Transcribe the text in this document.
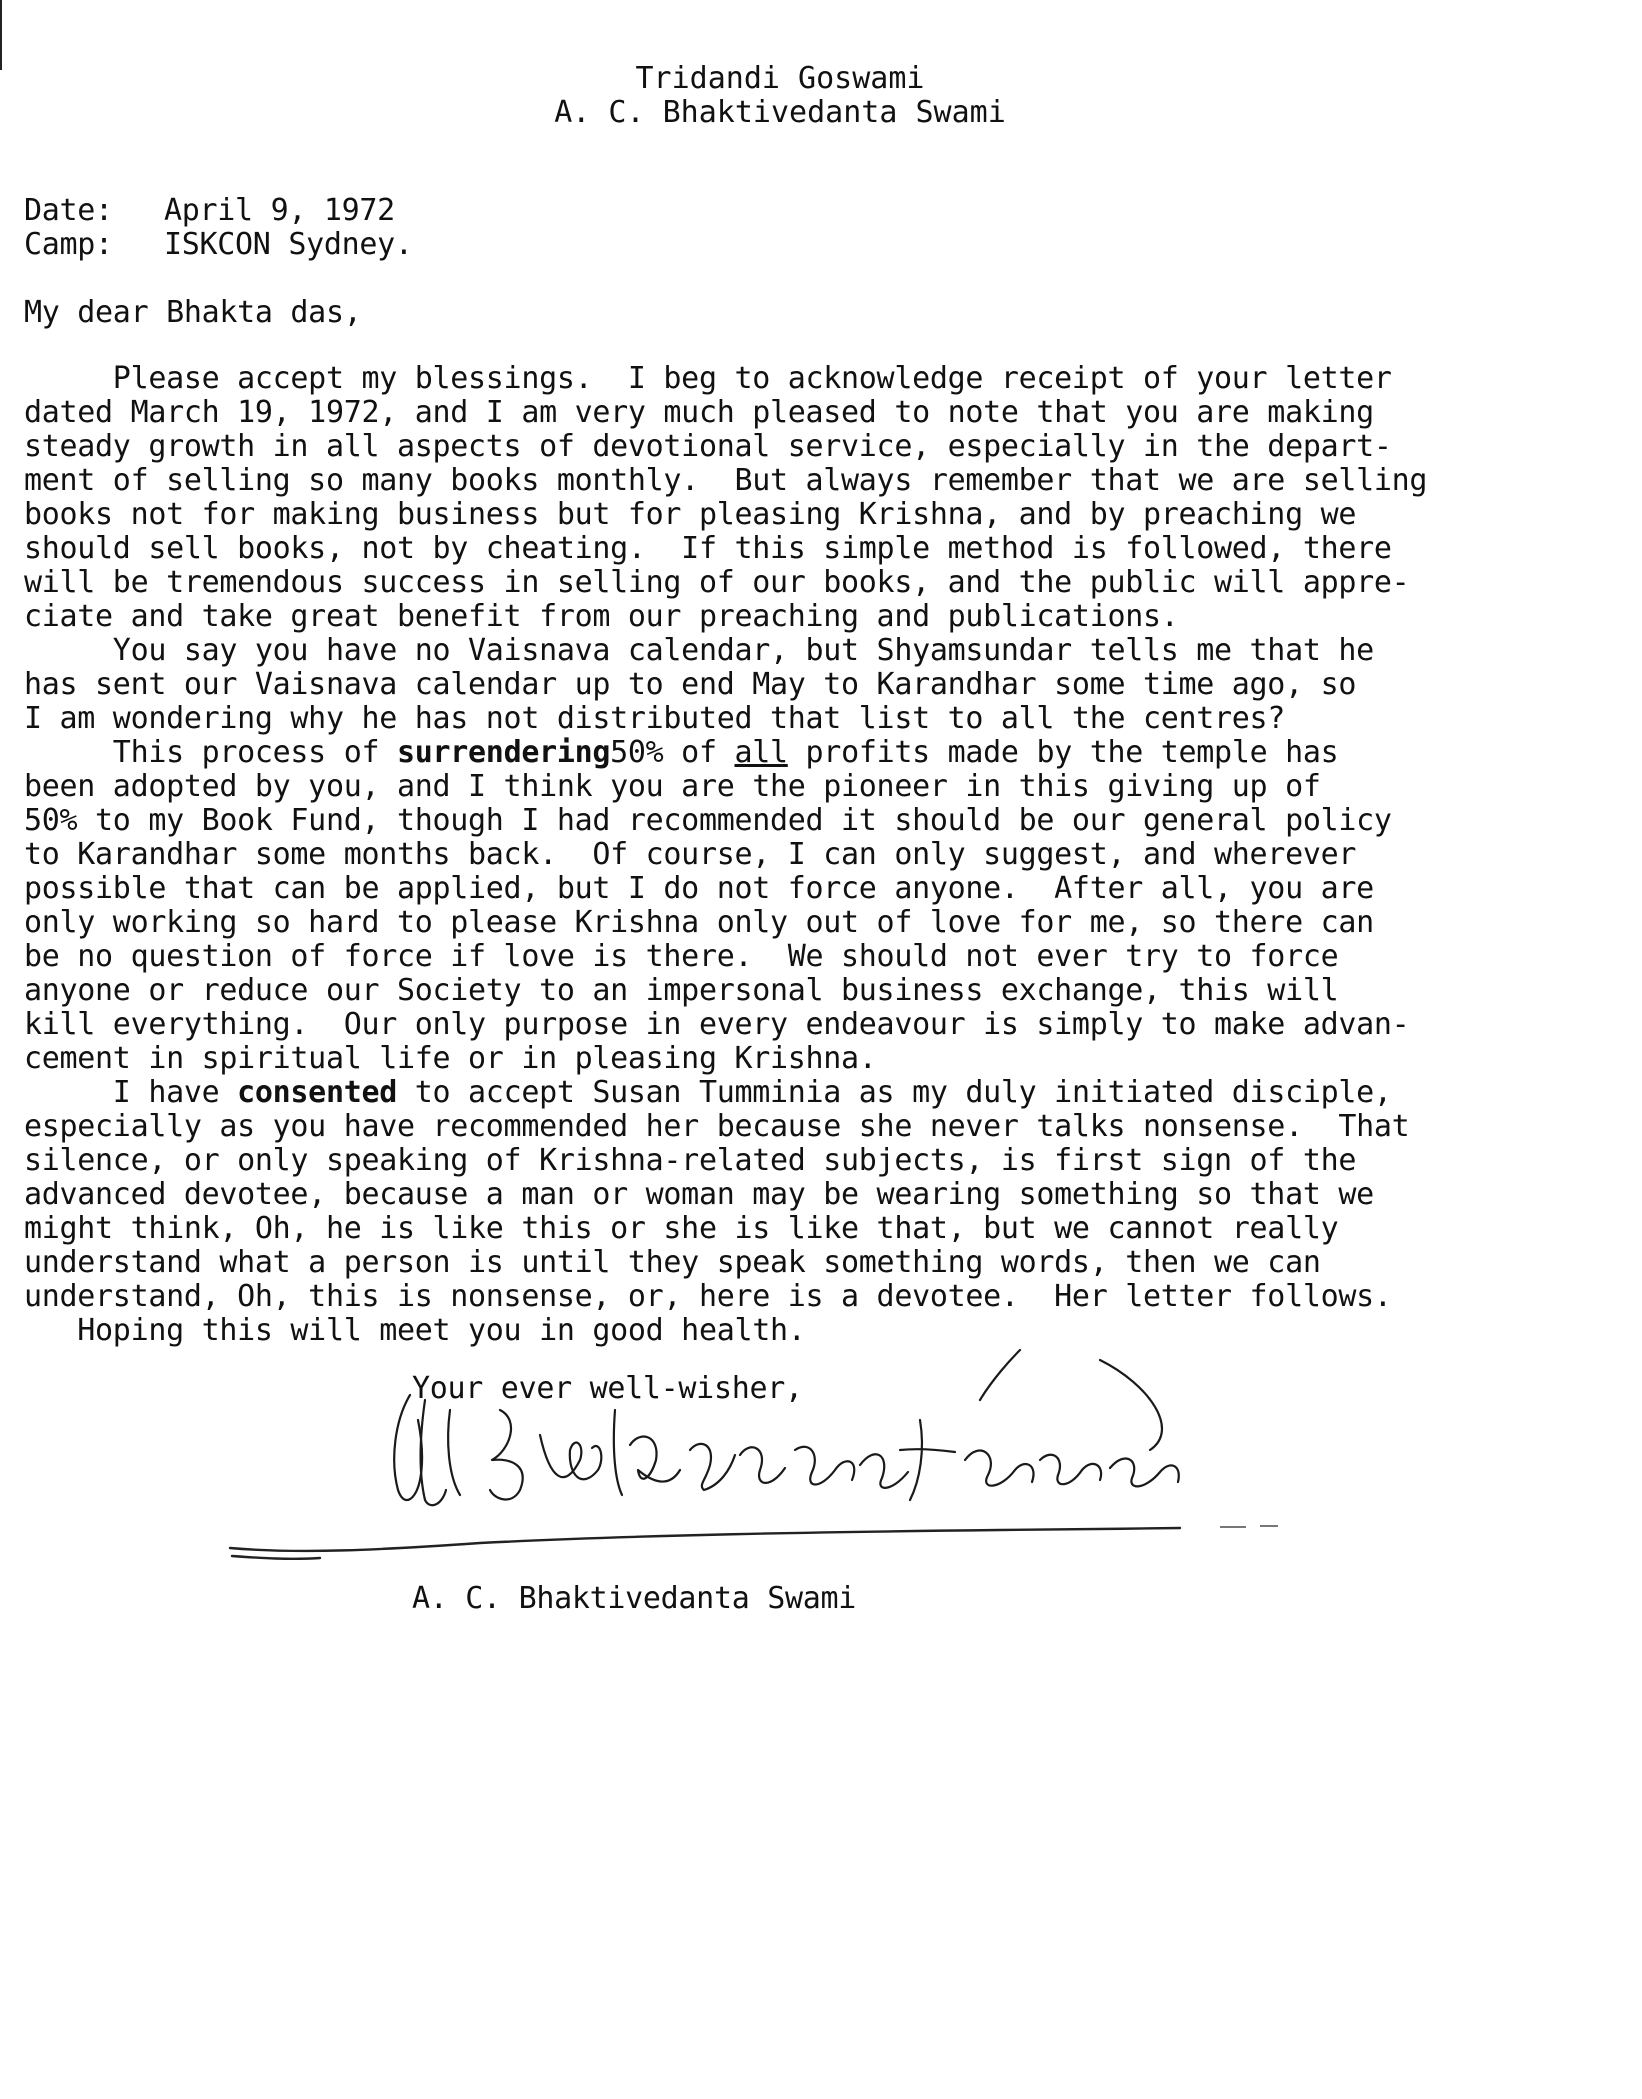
Tridandi Goswami
A. C. Bhaktivedanta Swami
Date: April 9, 1972
Camp: ISKCON Sydney.
My dear Bhakta das,
Please accept my blessings.  I beg to acknowledge receipt of your letter
dated March 19, 1972, and I am very much pleased to note that you are making
steady growth in all aspects of devotional service, especially in the depart-
ment of selling so many books monthly.  But always remember that we are selling
books not for making business but for pleasing Krishna, and by preaching we
should sell books, not by cheating.  If this simple method is followed, there
will be tremendous success in selling of our books, and the public will appre-
ciate and take great benefit from our preaching and publications.
You say you have no Vaisnava calendar, but Shyamsundar tells me that he
has sent our Vaisnava calendar up to end May to Karandhar some time ago, so
I am wondering why he has not distributed that list to all the centres?
This process of surrendering50% of all profits made by the temple has
been adopted by you, and I think you are the pioneer in this giving up of
50% to my Book Fund, though I had recommended it should be our general policy
to Karandhar some months back.  Of course, I can only suggest, and wherever
possible that can be applied, but I do not force anyone.  After all, you are
only working so hard to please Krishna only out of love for me, so there can
be no question of force if love is there.  We should not ever try to force
anyone or reduce our Society to an impersonal business exchange, this will
kill everything.  Our only purpose in every endeavour is simply to make advan-
cement in spiritual life or in pleasing Krishna.
I have consented to accept Susan Tumminia as my duly initiated disciple,
especially as you have recommended her because she never talks nonsense.  That
silence, or only speaking of Krishna-related subjects, is first sign of the
advanced devotee, because a man or woman may be wearing something so that we
might think, Oh, he is like this or she is like that, but we cannot really
understand what a person is until they speak something words, then we can
understand, Oh, this is nonsense, or, here is a devotee.  Her letter follows.
Hoping this will meet you in good health.
Your ever well-wisher,
A. C. Bhaktivedanta Swami
